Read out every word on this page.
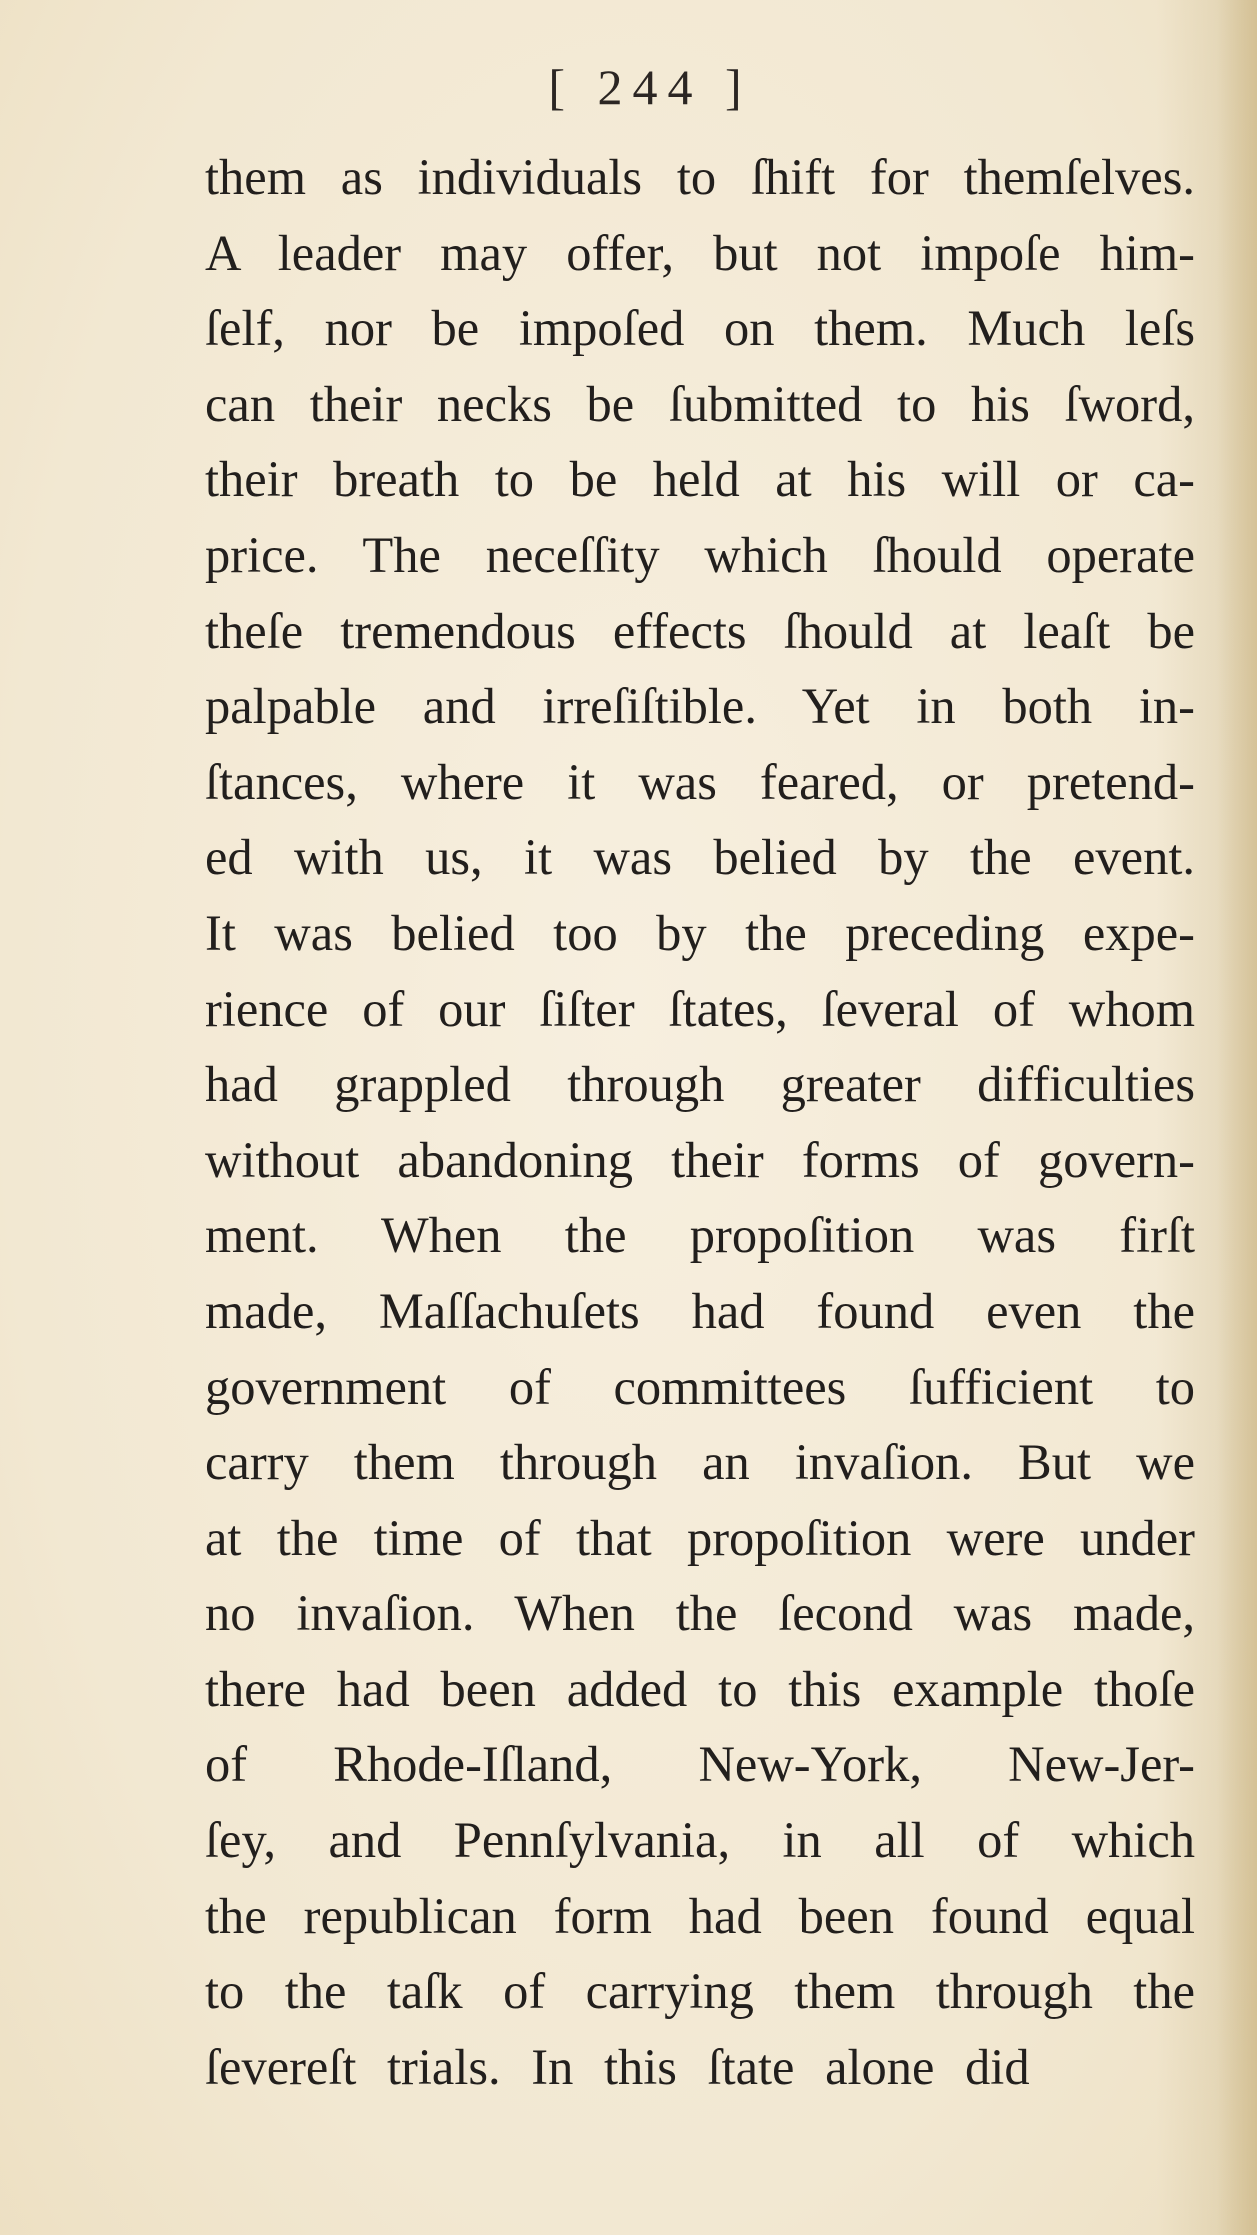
[ 244 ]
them as individuals to ſhift for themſelves.
A leader may offer, but not impoſe him-
ſelf, nor be impoſed on them. Much leſs
can their necks be ſubmitted to his ſword,
their breath to be held at his will or ca-
price. The neceſſity which ſhould operate
theſe tremendous effects ſhould at leaſt be
palpable and irreſiſtible. Yet in both in-
ſtances, where it was feared, or pretend-
ed with us, it was belied by the event.
It was belied too by the preceding expe-
rience of our ſiſter ſtates, ſeveral of whom
had grappled through greater difficulties
without abandoning their forms of govern-
ment. When the propoſition was firſt
made, Maſſachuſets had found even the
government of committees ſufficient to
carry them through an invaſion. But we
at the time of that propoſition were under
no invaſion. When the ſecond was made,
there had been added to this example thoſe
of Rhode-Iſland, New-York, New-Jer-
ſey, and Pennſylvania, in all of which
the republican form had been found equal
to the taſk of carrying them through the
ſevereſt trials. In this ſtate alone did
